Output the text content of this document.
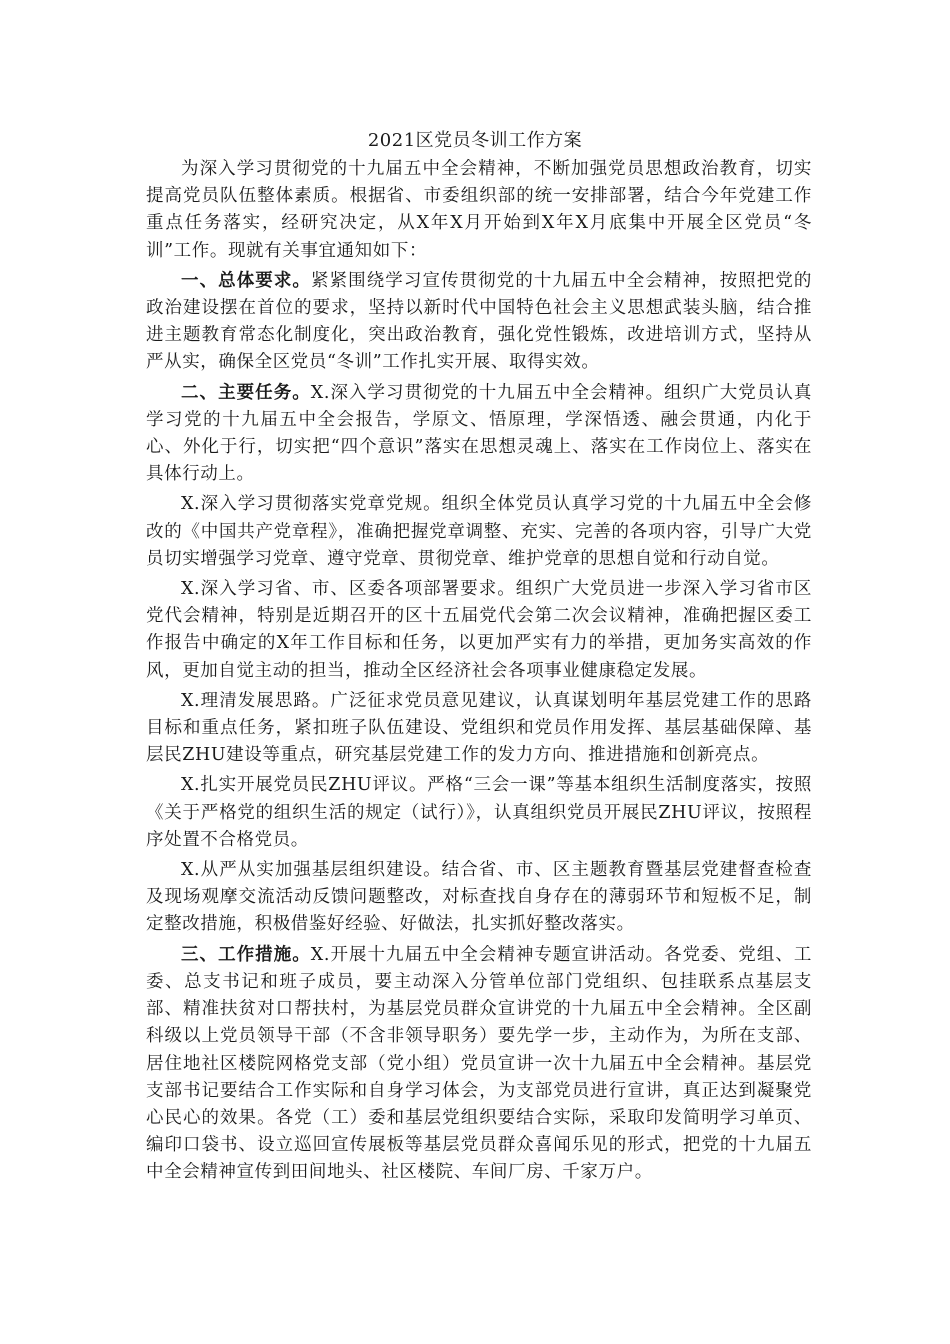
2021区党员冬训工作方案

为深入学习贯彻党的十九届五中全会精神，不断加强党员思想政治教育，切实提高党员队伍整体素质。根据省、市委组织部的统一安排部署，结合今年党建工作重点任务落实，经研究决定，从X年X月开始到X年X月底集中开展全区党员“冬训”工作。现就有关事宜通知如下：

一、总体要求。紧紧围绕学习宣传贯彻党的十九届五中全会精神，按照把党的政治建设摆在首位的要求，坚持以新时代中国特色社会主义思想武装头脑，结合推进主题教育常态化制度化，突出政治教育，强化党性锻炼，改进培训方式，坚持从严从实，确保全区党员“冬训”工作扎实开展、取得实效。

二、主要任务。X.深入学习贯彻党的十九届五中全会精神。组织广大党员认真学习党的十九届五中全会报告，学原文、悟原理，学深悟透、融会贯通，内化于心、外化于行，切实把“四个意识”落实在思想灵魂上、落实在工作岗位上、落实在具体行动上。

X.深入学习贯彻落实党章党规。组织全体党员认真学习党的十九届五中全会修改的《中国共产党章程》，准确把握党章调整、充实、完善的各项内容，引导广大党员切实增强学习党章、遵守党章、贯彻党章、维护党章的思想自觉和行动自觉。

X.深入学习省、市、区委各项部署要求。组织广大党员进一步深入学习省市区党代会精神，特别是近期召开的区十五届党代会第二次会议精神，准确把握区委工作报告中确定的X年工作目标和任务，以更加严实有力的举措，更加务实高效的作风，更加自觉主动的担当，推动全区经济社会各项事业健康稳定发展。

X.理清发展思路。广泛征求党员意见建议，认真谋划明年基层党建工作的思路目标和重点任务，紧扣班子队伍建设、党组织和党员作用发挥、基层基础保障、基层民ZHU建设等重点，研究基层党建工作的发力方向、推进措施和创新亮点。

X.扎实开展党员民ZHU评议。严格“三会一课”等基本组织生活制度落实，按照《关于严格党的组织生活的规定（试行）》，认真组织党员开展民ZHU评议，按照程序处置不合格党员。

X.从严从实加强基层组织建设。结合省、市、区主题教育暨基层党建督查检查及现场观摩交流活动反馈问题整改，对标查找自身存在的薄弱环节和短板不足，制定整改措施，积极借鉴好经验、好做法，扎实抓好整改落实。

三、工作措施。X.开展十九届五中全会精神专题宣讲活动。各党委、党组、工委、总支书记和班子成员，要主动深入分管单位部门党组织、包挂联系点基层支部、精准扶贫对口帮扶村，为基层党员群众宣讲党的十九届五中全会精神。全区副科级以上党员领导干部（不含非领导职务）要先学一步，主动作为，为所在支部、居住地社区楼院网格党支部（党小组）党员宣讲一次十九届五中全会精神。基层党支部书记要结合工作实际和自身学习体会，为支部党员进行宣讲，真正达到凝聚党心民心的效果。各党（工）委和基层党组织要结合实际，采取印发简明学习单页、编印口袋书、设立巡回宣传展板等基层党员群众喜闻乐见的形式，把党的十九届五中全会精神宣传到田间地头、社区楼院、车间厂房、千家万户。
